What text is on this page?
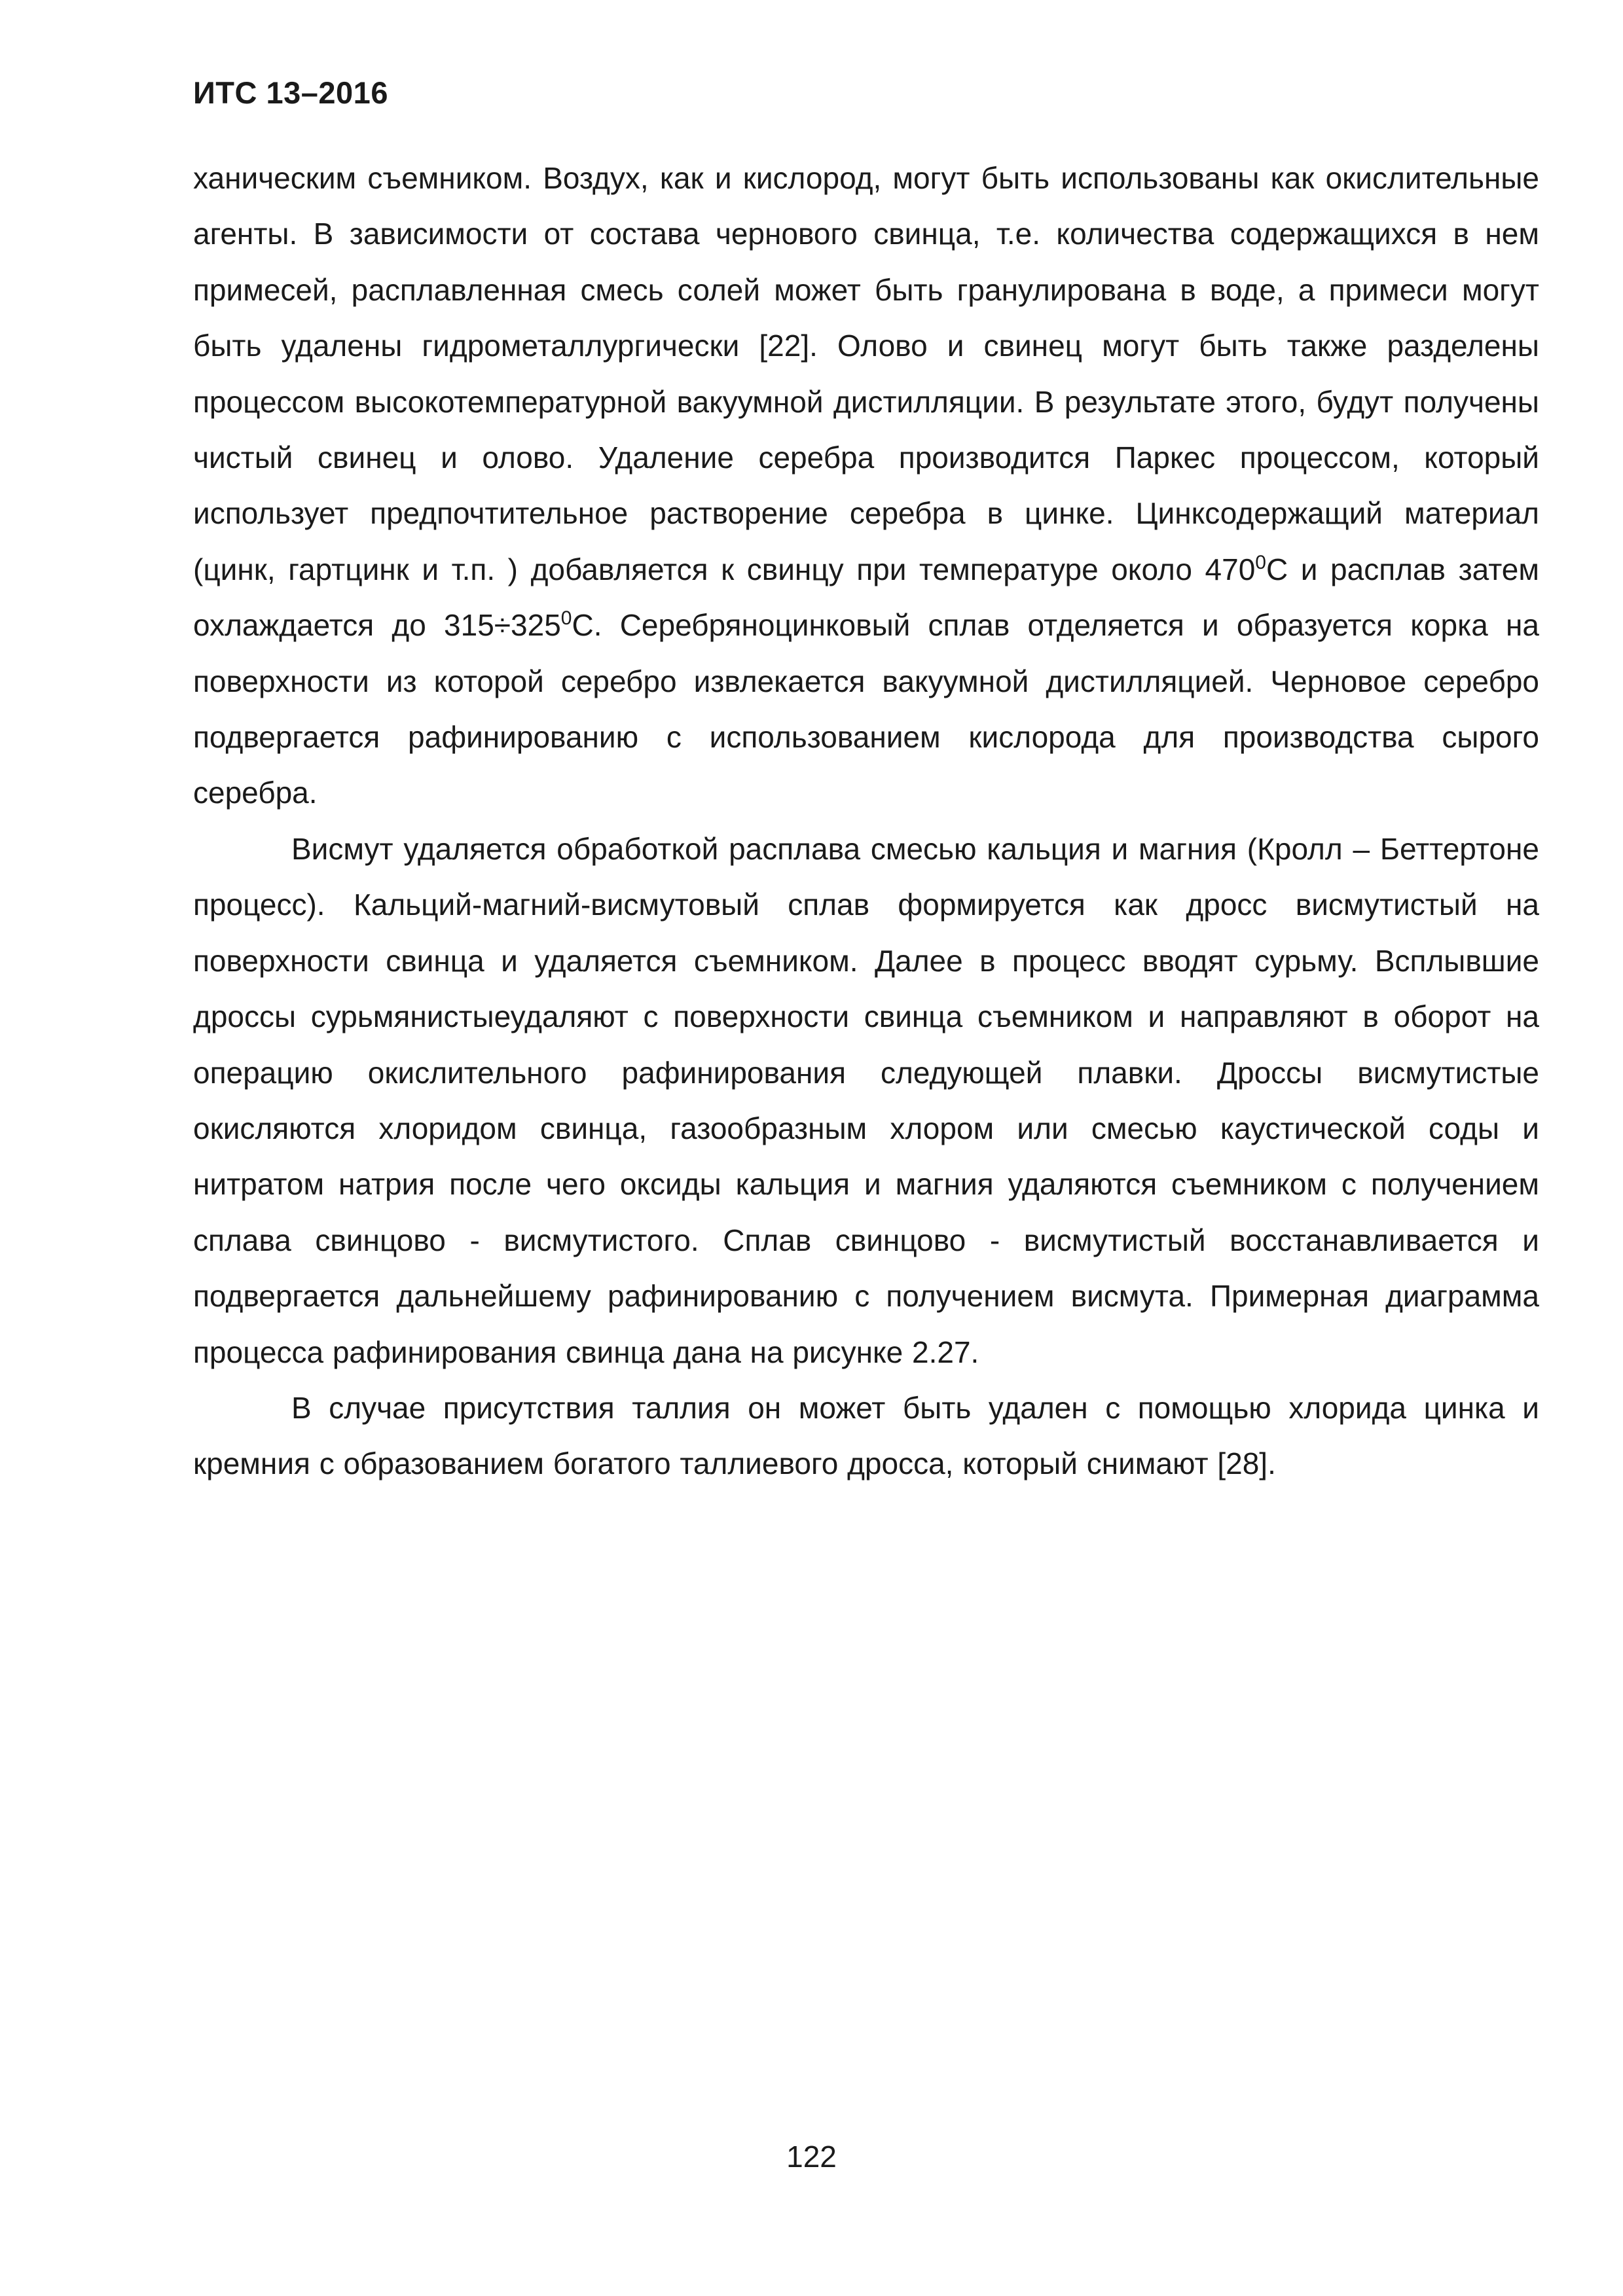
ИТС 13–2016

ханическим съемником. Воздух, как и кислород, могут быть использованы как окислительные агенты. В зависимости от состава чернового свинца, т.е. количества содержащихся в нем примесей, расплавленная смесь солей может быть гранулирована в воде, а примеси могут быть удалены гидрометаллургически [22]. Олово и свинец могут быть также разделены процессом высокотемпературной вакуумной дистилляции. В результате этого, будут получены чистый свинец и олово. Удаление серебра производится Паркес процессом, который использует предпочтительное растворение серебра в цинке. Цинксодержащий материал (цинк, гартцинк и т.п. ) добавляется к свинцу при температуре около $470^0С$ и расплав затем охлаждается до $315\div 325^0С$. Серебряноцинковый сплав отделяется и образуется корка на поверхности из которой серебро извлекается вакуумной дистилляцией. Черновое серебро подвергается рафинированию с использованием кислорода для производства сырого серебра.

Висмут удаляется обработкой расплава смесью кальция и магния (Кролл – Беттертоне процесс). Кальций-магний-висмутовый сплав формируется как дросс висмутистый на поверхности свинца и удаляется съемником. Далее в процесс вводят сурьму. Всплывшие дроссы сурьмянистыеудаляют с поверхности свинца съемником и направляют в оборот на операцию окислительного рафинирования следующей плавки. Дроссы висмутистые окисляются хлоридом свинца, газообразным хлором или смесью каустической соды и нитратом натрия после чего оксиды кальция и магния удаляются съемником с получением сплава свинцово - висмутистого. Сплав свинцово - висмутистый восстанавливается и подвергается дальнейшему рафинированию с получением висмута. Примерная диаграмма процесса рафинирования свинца дана на рисунке 2.27.

В случае присутствия таллия он может быть удален с помощью хлорида цинка и кремния с образованием богатого таллиевого дросса, который снимают [28].

122
